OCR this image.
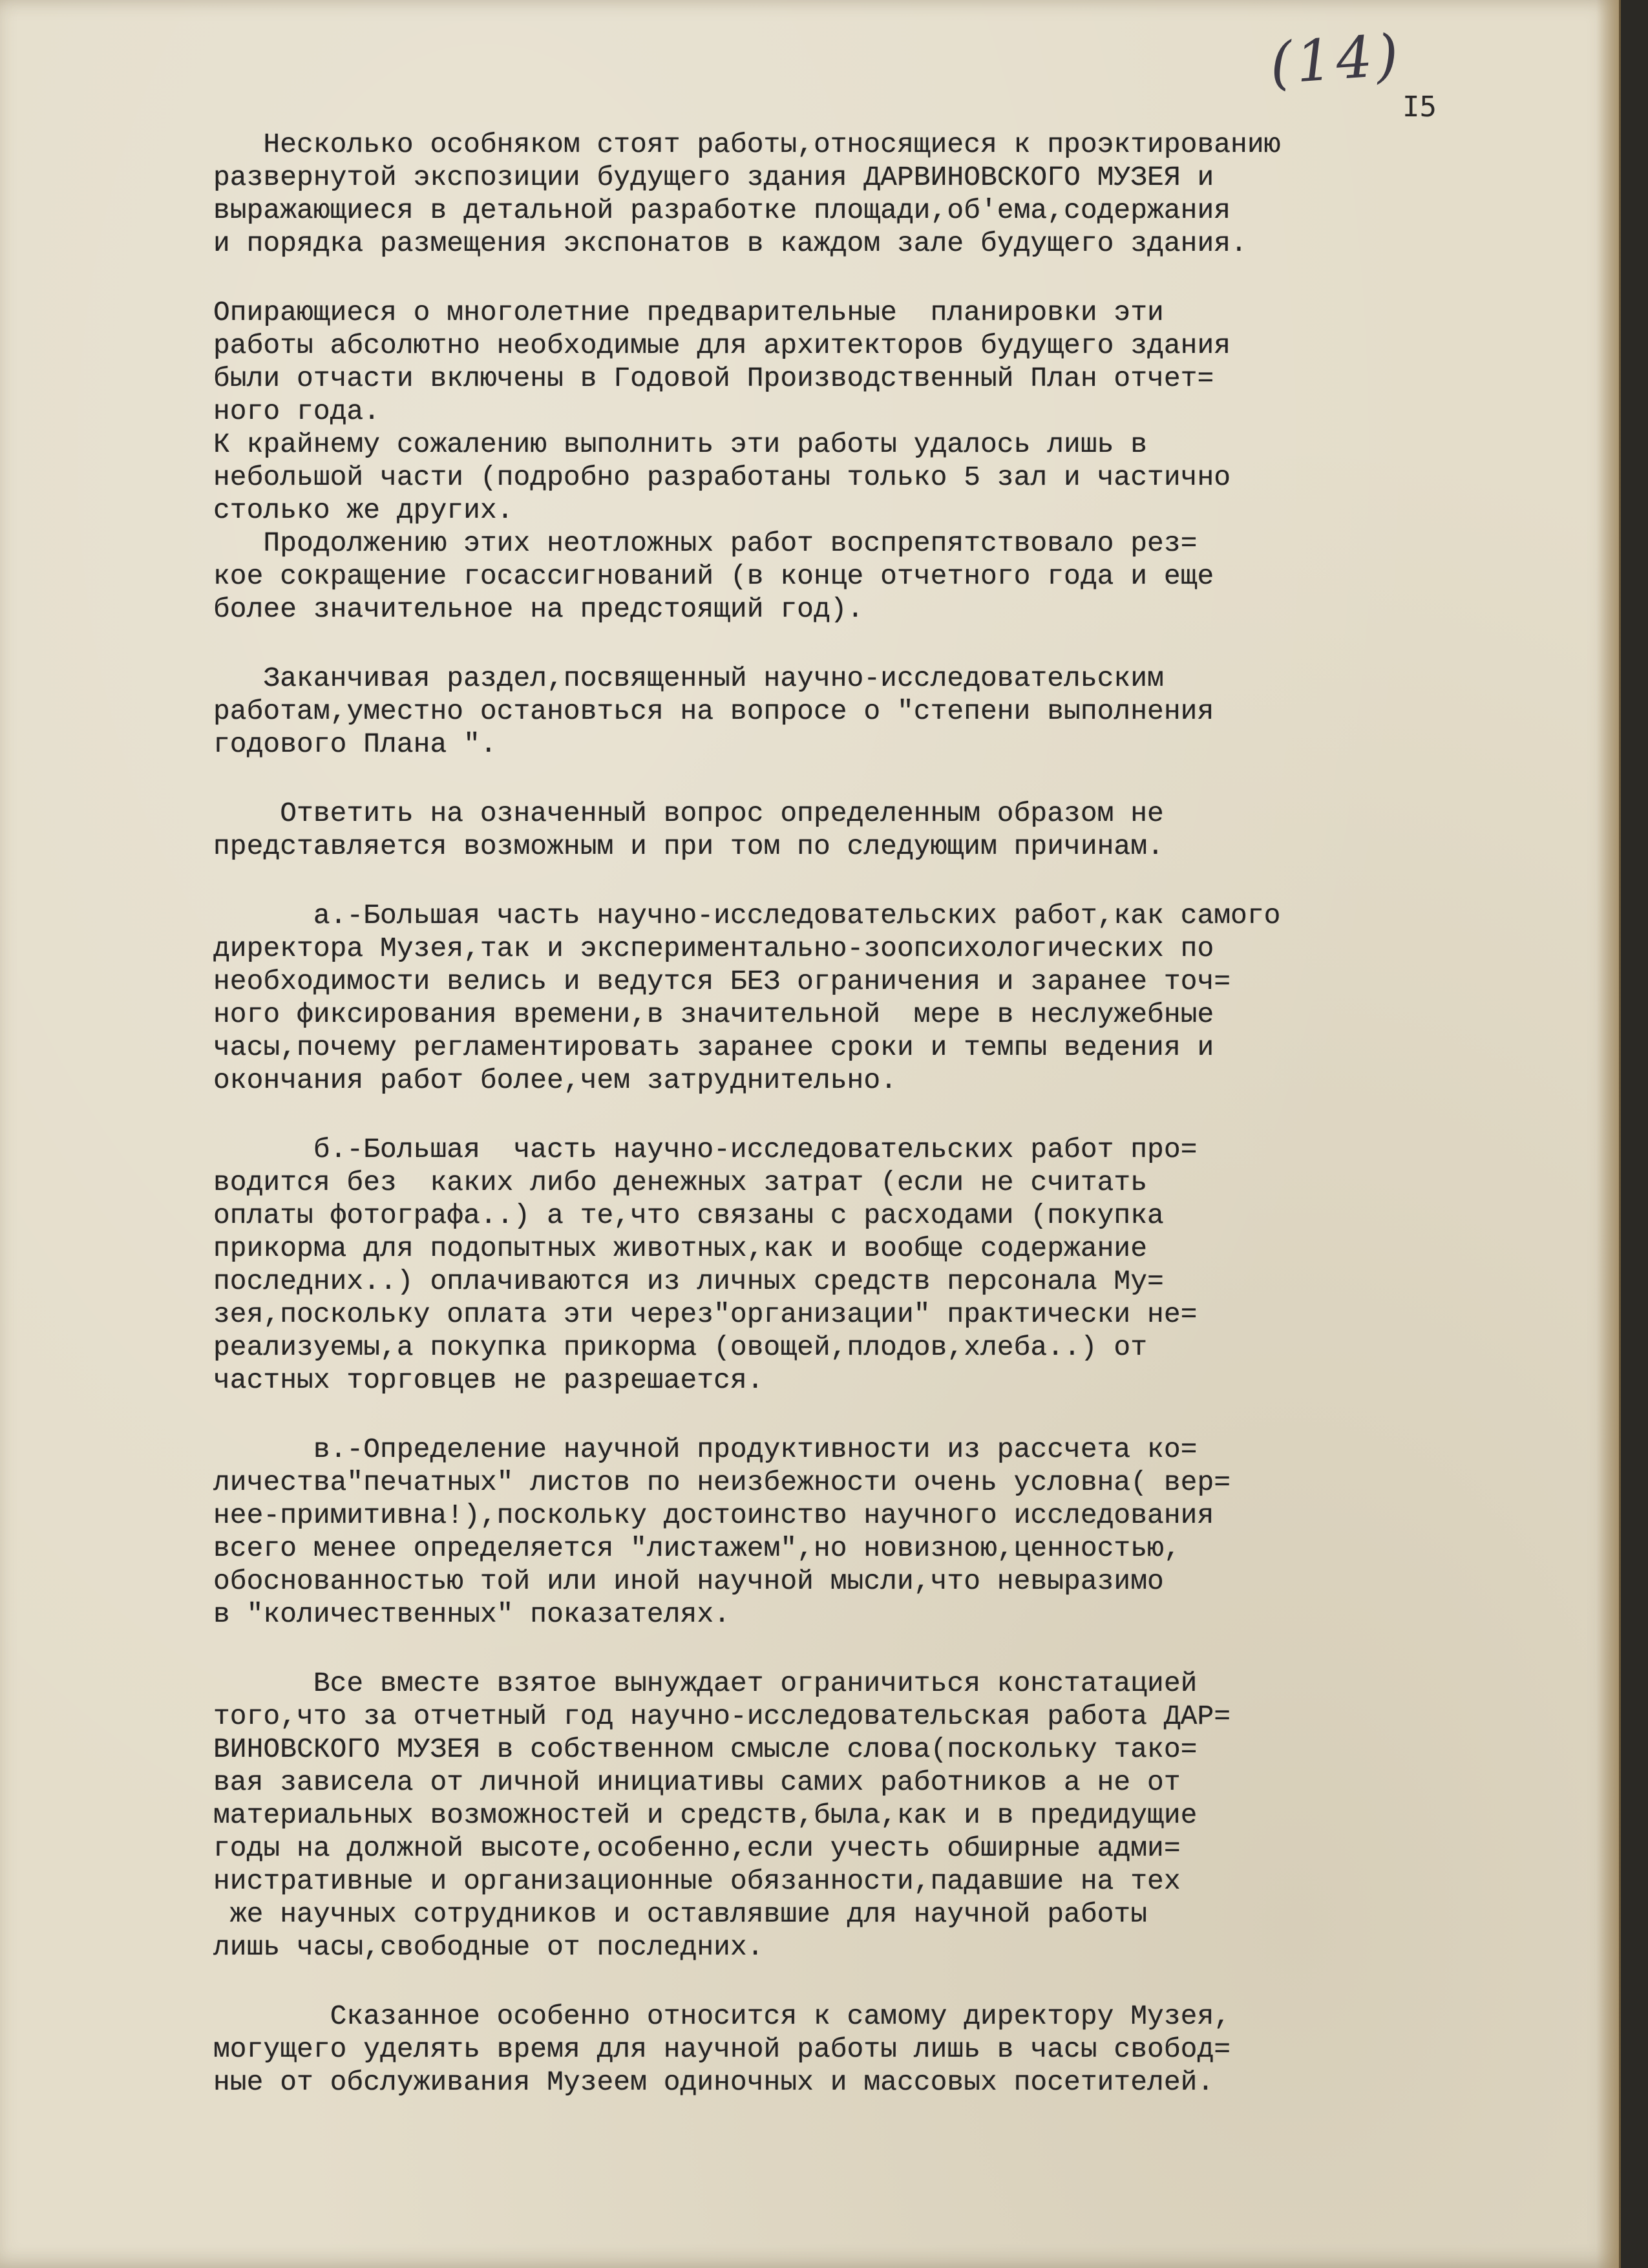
(14)
I5
Несколько особняком стоят работы,относящиеся к проэктированию
развернутой экспозиции будущего здания ДАРВИНОВСКОГО МУЗЕЯ и
выражающиеся в детальной разработке площади,об'ема,содержания
и порядка размещения экспонатов в каждом зале будущего здания.
Опирающиеся о многолетние предварительные  планировки эти
работы абсолютно необходимые для архитекторов будущего здания
были отчасти включены в Годовой Производственный План отчет=
ного года.
К крайнему сожалению выполнить эти работы удалось лишь в
небольшой части (подробно разработаны только 5 зал и частично
столько же других.
Продолжению этих неотложных работ воспрепятствовало рез=
кое сокращение госассигнований (в конце отчетного года и еще
более значительное на предстоящий год).
Заканчивая раздел,посвященный научно-исследовательским
работам,уместно остановться на вопросе о "степени выполнения
годового Плана ".
Ответить на означенный вопрос определенным образом не
представляется возможным и при том по следующим причинам.
а.-Большая часть научно-исследовательских работ,как самого
директора Музея,так и экспериментально-зоопсихологических по
необходимости велись и ведутся БЕЗ ограничения и заранее точ=
ного фиксирования времени,в значительной  мере в неслужебные
часы,почему регламентировать заранее сроки и темпы ведения и
окончания работ более,чем затруднительно.
б.-Большая  часть научно-исследовательских работ про=
водится без  каких либо денежных затрат (если не считать
оплаты фотографа..) а те,что связаны с расходами (покупка
прикорма для подопытных животных,как и вообще содержание
последних..) оплачиваются из личных средств персонала Му=
зея,поскольку оплата эти через"организации" практически не=
реализуемы,а покупка прикорма (овощей,плодов,хлеба..) от
частных торговцев не разрешается.
в.-Определение научной продуктивности из рассчета ко=
личества"печатных" листов по неизбежности очень условна( вер=
нее-примитивна!),поскольку достоинство научного исследования
всего менее определяется "листажем",но новизною,ценностью,
обоснованностью той или иной научной мысли,что невыразимо
в "количественных" показателях.
Все вместе взятое вынуждает ограничиться констатацией
того,что за отчетный год научно-исследовательская работа ДАР=
ВИНОВСКОГО МУЗЕЯ в собственном смысле слова(поскольку тако=
вая зависела от личной инициативы самих работников а не от
материальных возможностей и средств,была,как и в предидущие
годы на должной высоте,особенно,если учесть обширные адми=
нистративные и организационные обязанности,падавшие на тех
же научных сотрудников и оставлявшие для научной работы
лишь часы,свободные от последних.
Сказанное особенно относится к самому директору Музея,
могущего уделять время для научной работы лишь в часы свобод=
ные от обслуживания Музеем одиночных и массовых посетителей.
